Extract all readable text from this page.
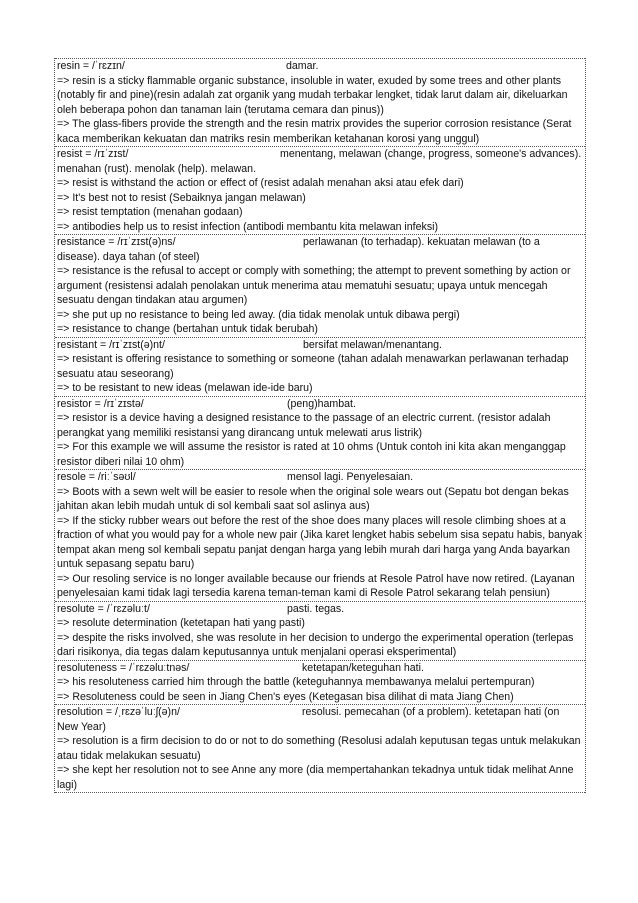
resin = /ˈrɛzɪn/	damar.
=> resin is a sticky flammable organic substance, insoluble in water, exuded by some trees and other plants (notably fir and pine)(resin adalah zat organik yang mudah terbakar lengket, tidak larut dalam air, dikeluarkan oleh beberapa pohon dan tanaman lain (terutama cemara dan pinus))
=> The glass-fibers provide the strength and the resin matrix provides the superior corrosion resistance (Serat kaca memberikan kekuatan dan matriks resin memberikan ketahanan korosi yang unggul)
resist = /rɪˈzɪst/	menentang, melawan (change, progress, someone's advances). menahan (rust). menolak (help). melawan.
=> resist is withstand the action or effect of (resist adalah menahan aksi atau efek dari)
=> It's best not to resist (Sebaiknya jangan melawan)
=> resist temptation (menahan godaan)
=> antibodies help us to resist infection (antibodi membantu kita melawan infeksi)
resistance = /rɪˈzɪst(ə)ns/	perlawanan (to terhadap). kekuatan melawan (to a disease). daya tahan (of steel)
=> resistance is the refusal to accept or comply with something; the attempt to prevent something by action or argument (resistensi adalah penolakan untuk menerima atau mematuhi sesuatu; upaya untuk mencegah sesuatu dengan tindakan atau argumen)
=> she put up no resistance to being led away. (dia tidak menolak untuk dibawa pergi)
=> resistance to change (bertahan untuk tidak berubah)
resistant = /rɪˈzɪst(ə)nt/	bersifat melawan/menantang.
=> resistant is offering resistance to something or someone (tahan adalah menawarkan perlawanan terhadap sesuatu atau seseorang)
=> to be resistant to new ideas (melawan ide-ide baru)
resistor = /rɪˈzɪstə/	(peng)hambat.
=> resistor is a device having a designed resistance to the passage of an electric current. (resistor adalah perangkat yang memiliki resistansi yang dirancang untuk melewati arus listrik)
=> For this example we will assume the resistor is rated at 10 ohms (Untuk contoh ini kita akan menganggap resistor diberi nilai 10 ohm)
resole = /riːˈsəʊl/	mensol lagi. Penyelesaian.
=> Boots with a sewn welt will be easier to resole when the original sole wears out (Sepatu bot dengan bekas jahitan akan lebih mudah untuk di sol kembali saat sol aslinya aus)
=> If the sticky rubber wears out before the rest of the shoe does many places will resole climbing shoes at a fraction of what you would pay for a whole new pair (Jika karet lengket habis sebelum sisa sepatu habis, banyak tempat akan meng sol kembali sepatu panjat dengan harga yang lebih murah dari harga yang Anda bayarkan untuk sepasang sepatu baru)
=> Our resoling service is no longer available because our friends at Resole Patrol have now retired. (Layanan penyelesaian kami tidak lagi tersedia karena teman-teman kami di Resole Patrol sekarang telah pensiun)
resolute = /ˈrɛzəluːt/	pasti. tegas.
=> resolute determination (ketetapan hati yang pasti)
=> despite the risks involved, she was resolute in her decision to undergo the experimental operation (terlepas dari risikonya, dia tegas dalam keputusannya untuk menjalani operasi eksperimental)
resoluteness = /ˈrɛzəluːtnəs/	ketetapan/keteguhan hati.
=> his resoluteness carried him through the battle (keteguhannya membawanya melalui pertempuran)
=> Resoluteness could be seen in Jiang Chen's eyes (Ketegasan bisa dilihat di mata Jiang Chen)
resolution = /ˌrɛzəˈluːʃ(ə)n/	resolusi. pemecahan (of a problem). ketetapan hati (on New Year)
=> resolution is a firm decision to do or not to do something (Resolusi adalah keputusan tegas untuk melakukan atau tidak melakukan sesuatu)
=> she kept her resolution not to see Anne any more (dia mempertahankan tekadnya untuk tidak melihat Anne lagi)
